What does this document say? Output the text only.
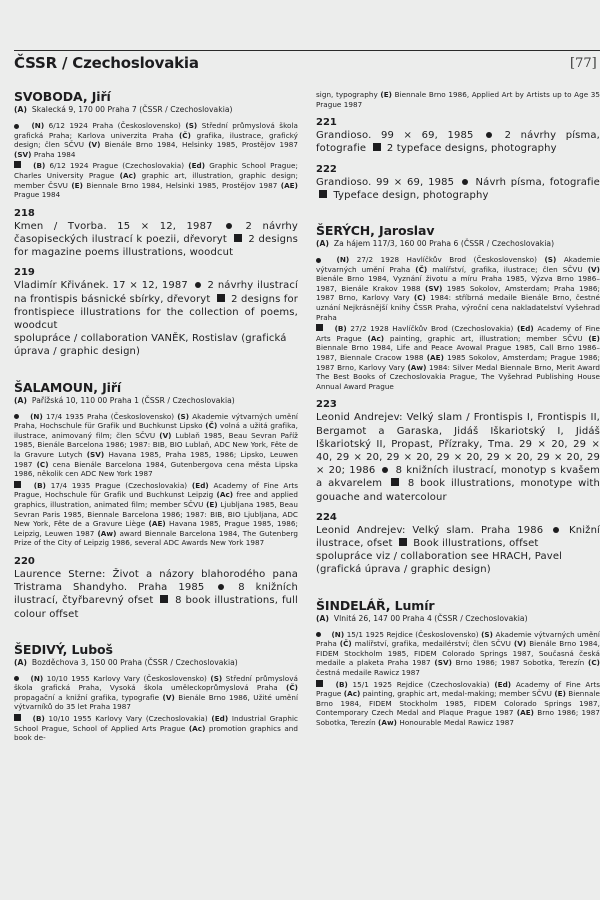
ČSSR / Czechoslovakia	[77]
SVOBODA, Jiří
(A) Skalecká 9, 170 00 Praha 7 (ČSSR / Czechoslovakia)
(N) 6/12 1924 Praha (Československo) (S) Střední průmyslová škola grafická Praha; Karlova univerzita Praha (Č) grafika, ilustrace, grafický design; člen SČVU (V) Bienále Brno 1984, Helsinky 1985, Prostějov 1987 (SV) Praha 1984
(B) 6/12 1924 Prague (Czechoslovakia) (Ed) Graphic School Prague; Charles University Prague (Ac) graphic art, illustration, graphic design; member ČSVU (E) Biennale Brno 1984, Helsinki 1985, Prostějov 1987 (AE) Prague 1984
218
Kmen / Tvorba. 15 × 12, 1987	2 návrhy časopiseckých ilustrací k poezii, dřevoryt 2 designs for magazine poems illustrations, woodcut
219
Vladimír Křivánek. 17 × 12, 1987 2 návrhy ilustrací na frontispis básnické sbírky, dřevoryt 2 designs for frontispiece illustrations for the collection of poems, woodcut
spolupráce / collaboration VANĚK, Rostislav (grafická úprava / graphic design)
ŠALAMOUN, Jiří
(A) Pařížská 10, 110 00 Praha 1 (ČSSR / Czechoslovakia)
(N) 17/4 1935 Praha (Československo) (S) Akademie výtvarných umění Praha, Hochschule für Grafik und Buchkunst Lipsko (Č) volná a užitá grafika, ilustrace, animovaný film; člen SČVU (V) Lublaň 1985, Beau Sevran Paříž 1985, Bienále Barcelona 1986; 1987: BIB, BIO Lublaň, ADC New York, Fête de la Gravure Lutych (SV) Havana 1985, Praha 1985, 1986; Lipsko, Leuwen 1987 (C) cena Bienále Barcelona 1984, Gutenbergova cena města Lipska 1986, několik cen ADC New York 1987
(B) 17/4 1935 Prague (Czechoslovakia) (Ed) Academy of Fine Arts Prague, Hochschule für Grafik und Buchkunst Leipzig (Ac) free and applied graphics, illustration, animated film; member SČVU (E) Ljubljana 1985, Beau Sevran Paris 1985, Biennale Barcelona 1986; 1987: BIB, BIO Ljubljana, ADC New York, Fête de a Gravure Liège (AE) Havana 1985, Prague 1985, 1986; Leipzig, Leuwen 1987 (Aw) award Biennale Barcelona 1984, The Gutenberg Prize of the City of Leipzig 1986, several ADC Awards New York 1987
220
Laurence Sterne: Život a názory blahorodého pana Tristrama Shandyho. Praha 1985	8 knižních ilustrací, čtyřbarevný ofset 8 book illustrations, full colour offset
ŠEDIVÝ, Luboš
(A) Bozděchova 3, 150 00 Praha (ČSSR / Czechoslovakia)
(N) 10/10 1955 Karlovy Vary (Československo) (S) Střední průmyslová škola grafická Praha, Vysoká škola uměleckoprůmyslová Praha (Č) propagační a knižní grafika, typografie (V) Bienále Brno 1986, Užité umění výtvarníků do 35 let Praha 1987
(B) 10/10 1955 Karlovy Vary (Czechoslovakia) (Ed) Industrial Graphic School Prague, School of Applied Arts Prague (Ac) promotion graphics and book de-
sign, typography (E) Biennale Brno 1986, Applied Art by Artists up to Age 35 Prague 1987
221
Grandioso. 99 × 69, 1985	2 návrhy písma, fotografie 2 typeface designs, photography
222
Grandioso. 99 × 69, 1985 Návrh písma, fotografie  Typeface design, photography
ŠERÝCH, Jaroslav
(A) Za hájem 117/3, 160 00 Praha 6 (ČSSR / Czechoslovakia)
(N) 27/2 1928 Havlíčkův Brod (Československo) (S) Akademie výtvarných umění Praha (Č) malířství, grafika, ilustrace; člen SČVU (V) Bienále Brno 1984, Vyznání životu a míru Praha 1985, Výzva Brno 1986–1987, Bienále Krakov 1988 (SV) 1985 Sokolov, Amsterdam; Praha 1986; 1987 Brno, Karlovy Vary (C) 1984: stříbrná medaile Bienále Brno, čestné uznání Nejkrásnější knihy ČSSR Praha, výroční cena nakladatelství Vyšehrad Praha
(B) 27/2 1928 Havlíčkův Brod (Czechoslovakia) (Ed) Academy of Fine Arts Prague (Ac) painting, graphic art, illustration; member SČVU (E) Biennale Brno 1984, Life and Peace Avowal Prague 1985, Call Brno 1986–1987, Biennale Cracow 1988 (AE) 1985 Sokolov, Amsterdam; Prague 1986; 1987 Brno, Karlovy Vary (Aw) 1984: Silver Medal Biennale Brno, Merit Award The Best Books of Czechoslovakia Prague, The Vyšehrad Publishing House Annual Award Prague
223
Leonid Andrejev: Velký slam / Frontispis I, Frontispis II, Bergamot a Garaska, Jidáš Iškariotský I, Jidáš Iškariotský II, Propast, Přízraky, Tma. 29 × 20, 29 × 40, 29 × 20, 29 × 20, 29 × 20, 29 × 20, 29 × 20, 29 × 20; 1986 8 knižních ilustrací, monotyp s kvašem a akvarelem	8 book illustrations, monotype with gouache and watercolour
224
Leonid Andrejev: Velký slam. Praha 1986	Knižní ilustrace, ofset Book illustrations, offset
spolupráce viz / collaboration see HRACH, Pavel (grafická úprava / graphic design)
ŠINDELÁŘ, Lumír
(A) Vlnitá 26, 147 00 Praha 4 (ČSSR / Czechoslovakia)
(N) 15/1 1925 Rejdice (Československo) (S) Akademie výtvarných umění Praha (Č) malířství, grafika, medailérství; člen SČVU (V) Bienále Brno 1984, FIDEM Stockholm 1985, FIDEM Colorado Springs 1987, Současná česká medaile a plaketa Praha 1987 (SV) Brno 1986; 1987 Sobotka, Terezín (C) čestná medaile Rawicz 1987
(B) 15/1 1925 Rejdice (Czechoslovakia) (Ed) Academy of Fine Arts Prague (Ac) painting, graphic art, medal-making; member SČVU (E) Biennale Brno 1984, FIDEM Stockholm 1985, FIDEM Colorado Springs 1987, Contemporary Czech Medal and Plaque Prague 1987 (AE) Brno 1986; 1987 Sobotka, Terezín (Aw) Honourable Medal Rawicz 1987
